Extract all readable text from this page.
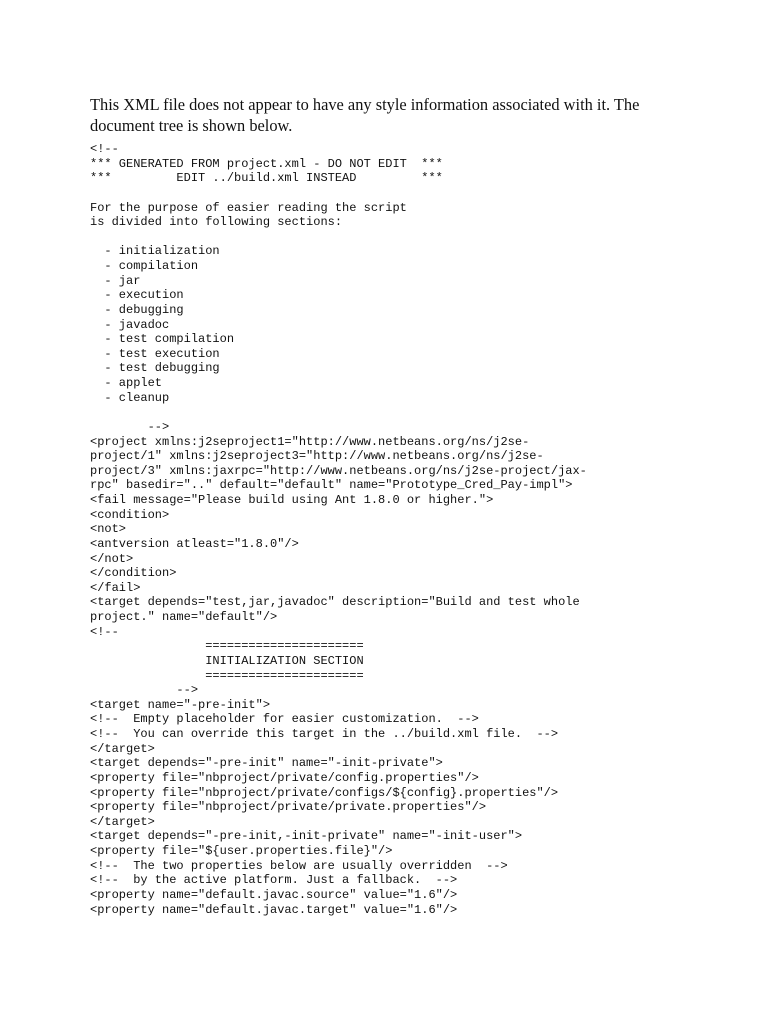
This XML file does not appear to have any style information associated with it. The document tree is shown below.

<!--
*** GENERATED FROM project.xml - DO NOT EDIT  ***
***         EDIT ../build.xml INSTEAD         ***
For the purpose of easier reading the script
is divided into following sections:
- initialization
- compilation
- jar
- execution
- debugging
- javadoc
- test compilation
- test execution
- test debugging
- applet
- cleanup
-->
<project xmlns:j2seproject1="http://www.netbeans.org/ns/j2se-
project/1" xmlns:j2seproject3="http://www.netbeans.org/ns/j2se-
project/3" xmlns:jaxrpc="http://www.netbeans.org/ns/j2se-project/jax-
rpc" basedir=".." default="default" name="Prototype_Cred_Pay-impl">
<fail message="Please build using Ant 1.8.0 or higher.">
<condition>
<not>
<antversion atleast="1.8.0"/>
</not>
</condition>
</fail>
<target depends="test,jar,javadoc" description="Build and test whole
project." name="default"/>
<!--
======================
INITIALIZATION SECTION
======================
-->
<target name="-pre-init">
<!--  Empty placeholder for easier customization.  -->
<!--  You can override this target in the ../build.xml file.  -->
</target>
<target depends="-pre-init" name="-init-private">
<property file="nbproject/private/config.properties"/>
<property file="nbproject/private/configs/${config}.properties"/>
<property file="nbproject/private/private.properties"/>
</target>
<target depends="-pre-init,-init-private" name="-init-user">
<property file="${user.properties.file}"/>
<!--  The two properties below are usually overridden  -->
<!--  by the active platform. Just a fallback.  -->
<property name="default.javac.source" value="1.6"/>
<property name="default.javac.target" value="1.6"/>
